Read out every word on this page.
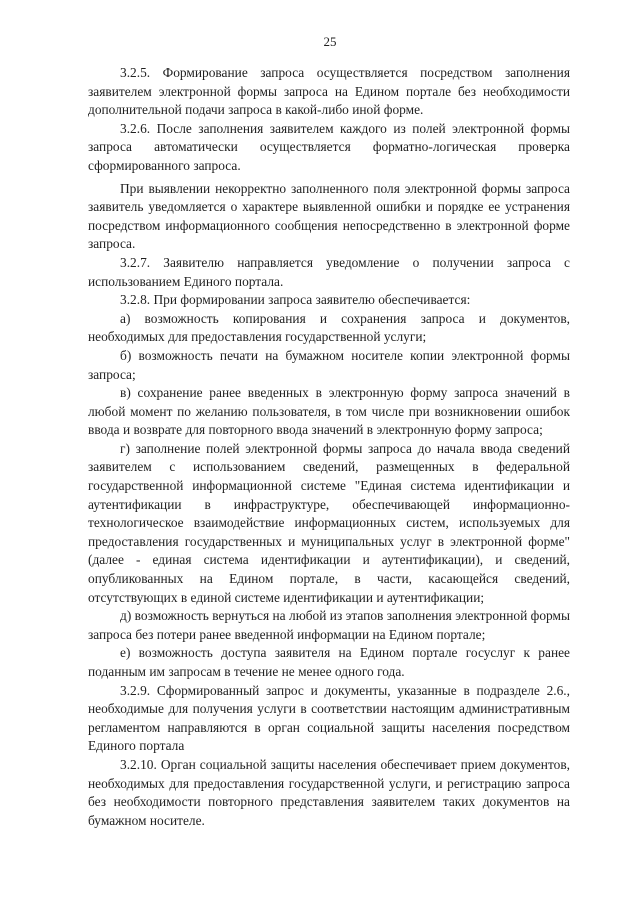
25

3.2.5. Формирование запроса осуществляется посредством заполнения заявителем электронной формы запроса на Едином портале без необходимости дополнительной подачи запроса в какой-либо иной форме.

3.2.6. После заполнения заявителем каждого из полей электронной формы запроса автоматически осуществляется форматно-логическая проверка сформированного запроса.

При выявлении некорректно заполненного поля электронной формы запроса заявитель уведомляется о характере выявленной ошибки и порядке ее устранения посредством информационного сообщения непосредственно в электронной форме запроса.

3.2.7. Заявителю направляется уведомление о получении запроса с использованием Единого портала.

3.2.8. При формировании запроса заявителю обеспечивается:

а) возможность копирования и сохранения запроса и документов, необходимых для предоставления государственной услуги;

б) возможность печати на бумажном носителе копии электронной формы запроса;

в) сохранение ранее введенных в электронную форму запроса значений в любой момент по желанию пользователя, в том числе при возникновении ошибок ввода и возврате для повторного ввода значений в электронную форму запроса;

г) заполнение полей электронной формы запроса до начала ввода сведений заявителем с использованием сведений, размещенных в федеральной государственной информационной системе "Единая система идентификации и аутентификации в инфраструктуре, обеспечивающей информационно-технологическое взаимодействие информационных систем, используемых для предоставления государственных и муниципальных услуг в электронной форме" (далее - единая система идентификации и аутентификации), и сведений, опубликованных на Едином портале, в части, касающейся сведений, отсутствующих в единой системе идентификации и аутентификации;

д) возможность вернуться на любой из этапов заполнения электронной формы запроса без потери ранее введенной информации на Едином портале;

е) возможность доступа заявителя на Едином портале госуслуг к ранее поданным им запросам в течение не менее одного года.

3.2.9. Сформированный запрос и документы, указанные в подразделе 2.6., необходимые для получения услуги в соответствии настоящим административным регламентом направляются в орган социальной защиты населения посредством Единого портала

3.2.10. Орган социальной защиты населения обеспечивает прием документов, необходимых для предоставления государственной услуги, и регистрацию запроса без необходимости повторного представления заявителем таких документов на бумажном носителе.
